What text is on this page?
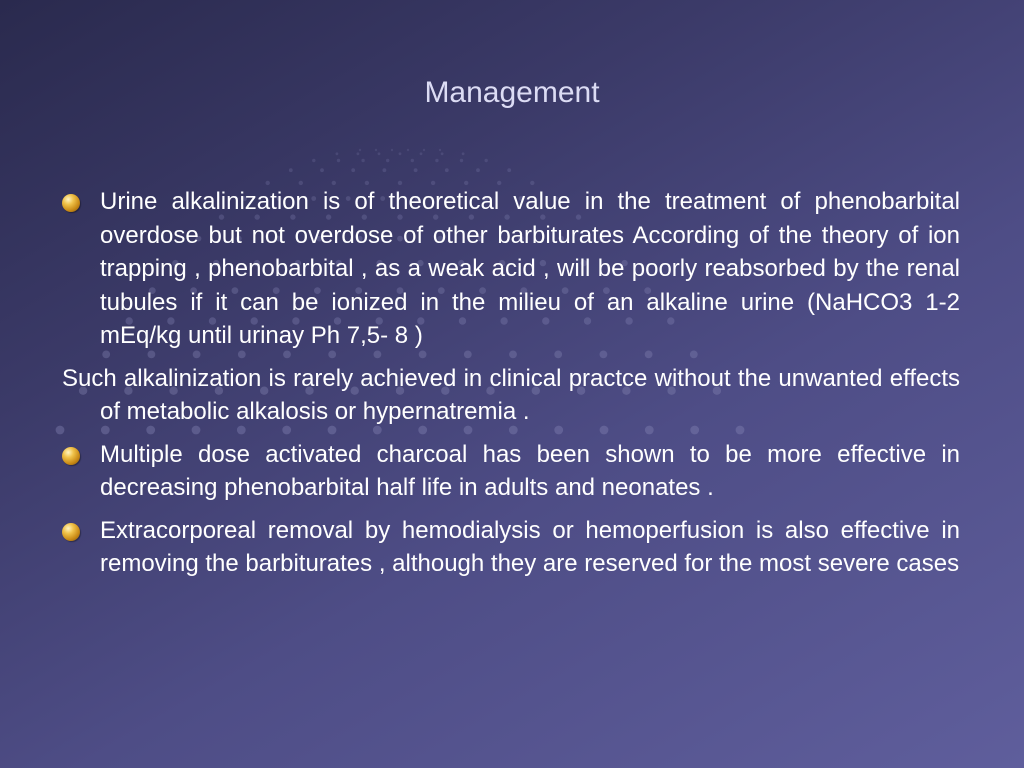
Management
Urine alkalinization is of theoretical value in the treatment of phenobarbital overdose but not overdose of other barbiturates According of the theory of ion trapping , phenobarbital , as a weak acid , will be poorly reabsorbed by the renal tubules if it can be ionized in the milieu of an alkaline urine (NaHCO3 1-2 mEq/kg until urinay Ph 7,5- 8 )
Such alkalinization is rarely achieved in clinical practce without the unwanted effects of metabolic alkalosis or hypernatremia .
Multiple dose activated charcoal has been shown to be more effective in decreasing phenobarbital half life in adults and neonates .
Extracorporeal removal by hemodialysis or hemoperfusion is also effective in removing the barbiturates , although they are reserved for the most severe cases
